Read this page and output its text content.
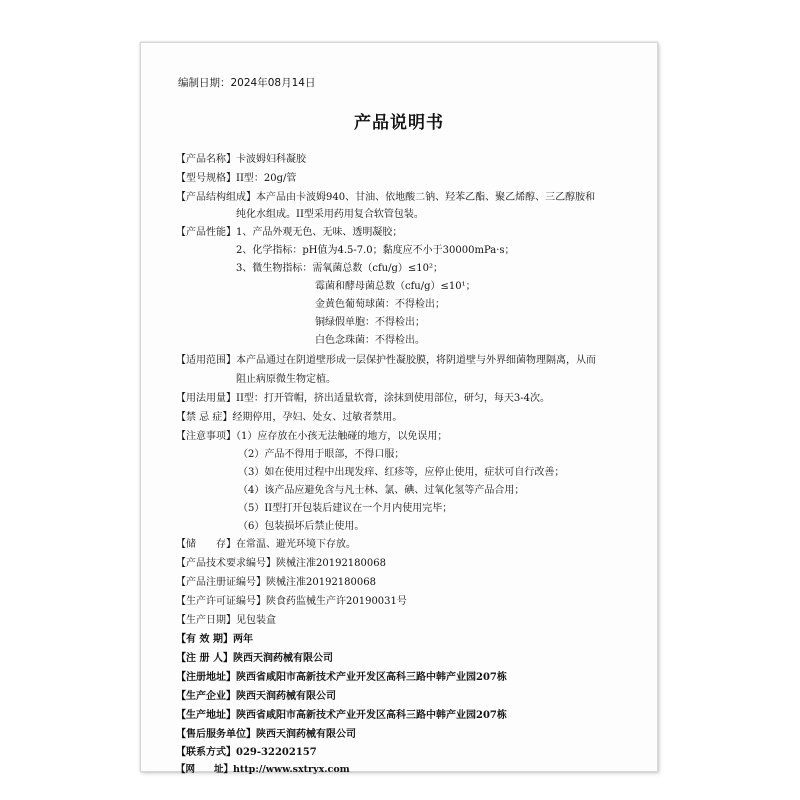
编制日期：2024年08月14日
产品说明书
【产品名称】卡波姆妇科凝胶
【型号规格】II型：20g/管
【产品结构组成】本产品由卡波姆940、甘油、依地酸二钠、羟苯乙酯、聚乙烯醇、三乙醇胺和
纯化水组成。II型采用药用复合软管包装。
【产品性能】1、产品外观无色、无味、透明凝胶；
2、化学指标：pH值为4.5-7.0；黏度应不小于30000mPa·s；
3、微生物指标：需氧菌总数（cfu/g）≤10²；
霉菌和酵母菌总数（cfu/g）≤10¹；
金黄色葡萄球菌：不得检出；
铜绿假单胞：不得检出；
白色念珠菌：不得检出。
【适用范围】本产品通过在阴道壁形成一层保护性凝胶膜，将阴道壁与外界细菌物理隔离，从而
阻止病原微生物定植。
【用法用量】II型：打开管帽，挤出适量软膏，涂抹到使用部位，研匀，每天3-4次。
【禁 忌 症】经期停用，孕妇、处女、过敏者禁用。
【注意事项】（1）应存放在小孩无法触碰的地方，以免误用；
（2）产品不得用于眼部，不得口服；
（3）如在使用过程中出现发痒、红疹等，应停止使用，症状可自行改善；
（4）该产品应避免含与凡士林、氯、碘、过氧化氢等产品合用；
（5）II型打开包装后建议在一个月内使用完毕；
（6）包装损坏后禁止使用。
【储　　存】在常温、避光环境下存放。
【产品技术要求编号】陕械注准20192180068
【产品注册证编号】陕械注准20192180068
【生产许可证编号】陕食药监械生产许20190031号
【生产日期】见包装盒
【有 效 期】两年
【注 册 人】陕西天润药械有限公司
【注册地址】陕西省咸阳市高新技术产业开发区高科三路中韩产业园207栋
【生产企业】陕西天润药械有限公司
【生产地址】陕西省咸阳市高新技术产业开发区高科三路中韩产业园207栋
【售后服务单位】陕西天润药械有限公司
【联系方式】029-32202157
【网　　址】http://www.sxtryx.com
